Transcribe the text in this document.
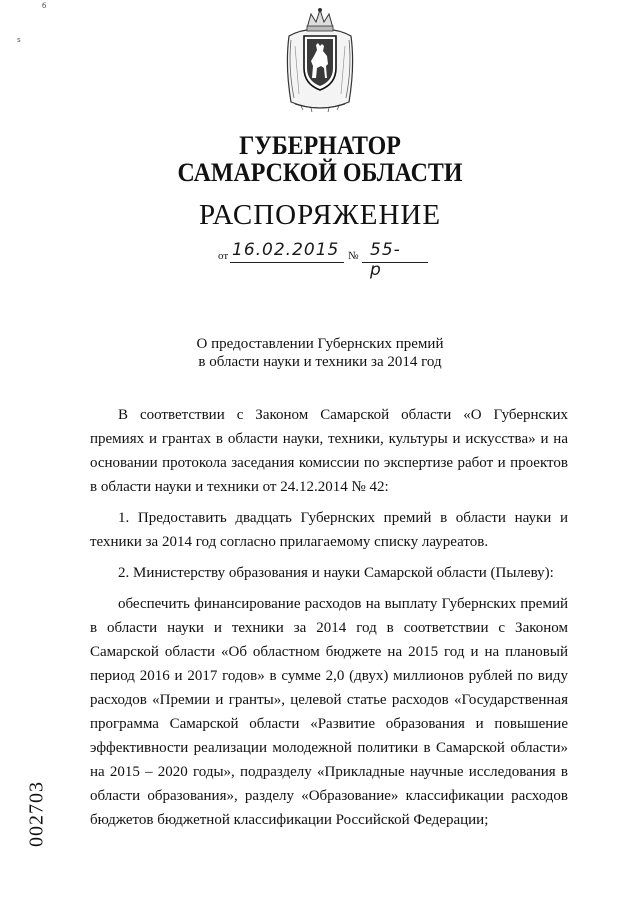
б
s
ГУБЕРНАТОР
САМАРСКОЙ ОБЛАСТИ
РАСПОРЯЖЕНИЕ
от 16.02.2015 № 55-р
О предоставлении Губернских премий
в области науки и техники за 2014 год

В соответствии с Законом Самарской области «О Губернских премиях и грантах в области науки, техники, культуры и искусства» и на основании протокола заседания комиссии по экспертизе работ и проектов в области науки и техники от 24.12.2014 № 42:

1. Предоставить двадцать Губернских премий в области науки и техники за 2014 год согласно прилагаемому списку лауреатов.

2. Министерству образования и науки Самарской области (Пылеву):

обеспечить финансирование расходов на выплату Губернских премий в области науки и техники за 2014 год в соответствии с Законом Самарской области «Об областном бюджете на 2015 год и на плановый период 2016 и 2017 годов» в сумме 2,0 (двух) миллионов рублей по виду расходов «Премии и гранты», целевой статье расходов «Государственная программа Самарской области «Развитие образования и повышение эффективности реализации молодежной политики в Самарской области» на 2015 – 2020 годы», подразделу «Прикладные научные исследования в области образования», разделу «Образование» классификации расходов бюджетов бюджетной классификации Российской Федерации;

002703
